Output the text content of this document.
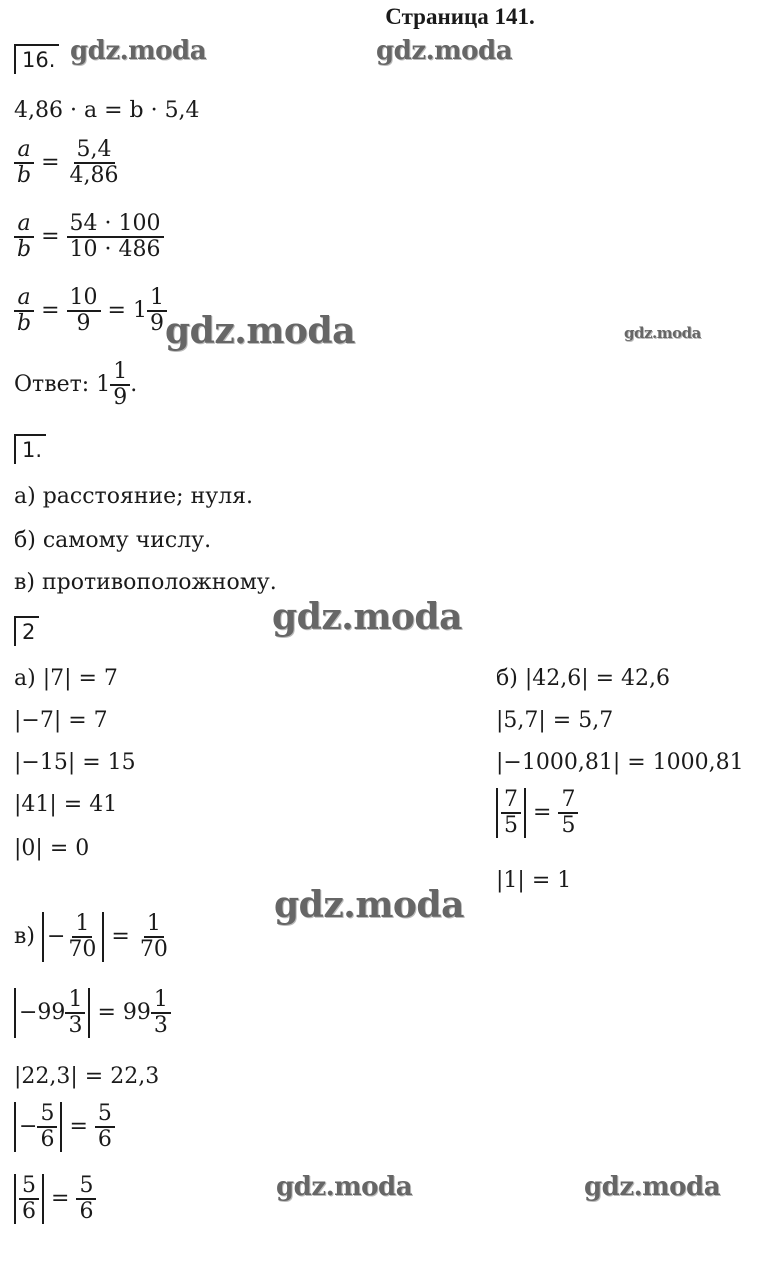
Страница 141.
gdz.moda	gdz.moda
gdz.moda	gdz.moda
gdz.moda
gdz.moda
gdz.moda	gdz.moda
16.
4,86 · a = b · 5,4
$\frac{a}{b} = \frac{5,4}{4,86}$
$\frac{a}{b} = \frac{54 \cdot 100}{10 \cdot 486}$
$\frac{a}{b} = \frac{10}{9} = 1 \frac{1}{9}$
Ответ: $1 \frac{1}{9}$ .
1.
а) расстояние; нуля.
б) самому числу.
в) противоположному.
2
а) |7| = 7
|−7| = 7
|−15| = 15
|41| = 41
|0| = 0
б) |42,6| = 42,6
|5,7| = 5,7
|−1000,81| = 1000,81
$\frac{7}{5} = \frac{7}{5}$
|1| = 1
$в) - \frac{1}{70} = \frac{1}{70}$
$-99 \frac{1}{3} = 99 \frac{1}{3}$
|22,3| = 22,3
− $\frac{5}{6} = \frac{5}{6}$
$\frac{5}{6} = \frac{5}{6}$
